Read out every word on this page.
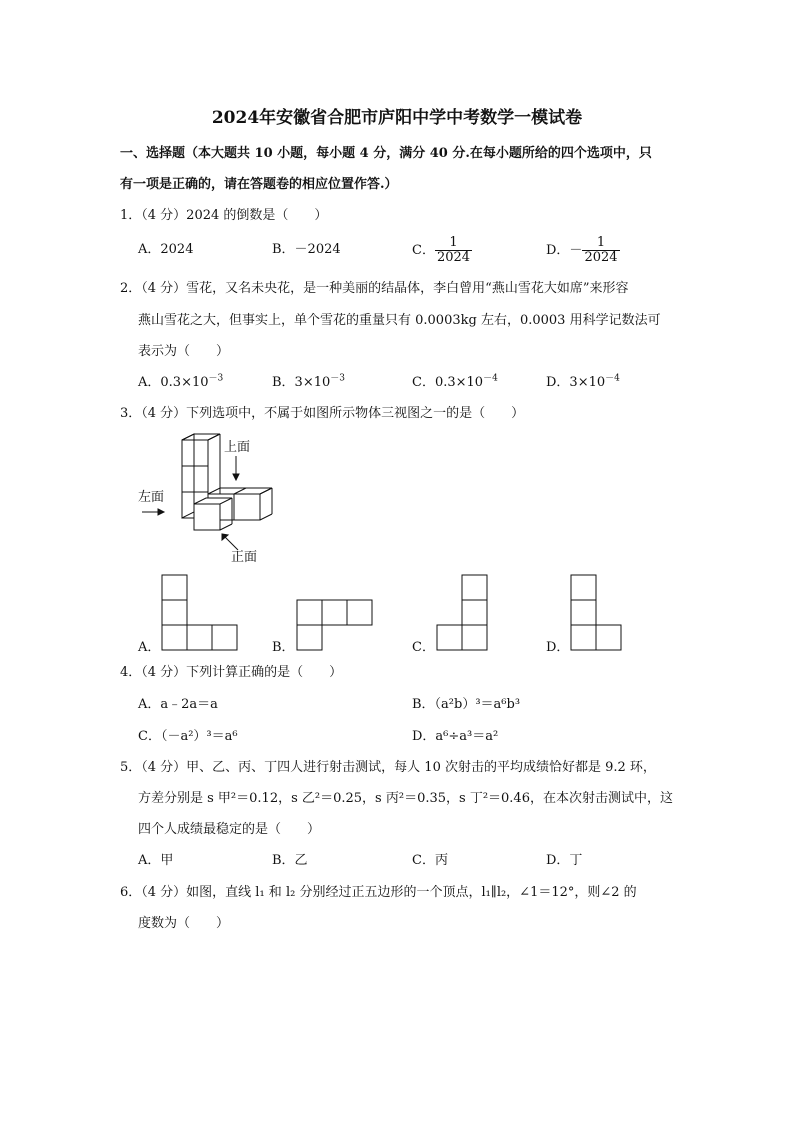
2024年安徽省合肥市庐阳中学中考数学一模试卷
一、选择题（本大题共 10 小题，每小题 4 分，满分 40 分.在每小题所给的四个选项中，只
有一项是正确的，请在答题卷的相应位置作答.）
1．（4 分）2024 的倒数是（　　）
A．2024	B．－2024	C． $\frac{1}{2024}$	D．－ $\frac{1}{2024}$
2．（4 分）雪花，又名未央花，是一种美丽的结晶体，李白曾用“燕山雪花大如席”来形容
燕山雪花之大，但事实上，单个雪花的重量只有 0.0003kg 左右，0.0003 用科学记数法可
表示为（　　）
A．$0.3\times 10^{-3}$	B．$3\times 10^{-3}$	C．$0.3\times 10^{-4}$	D．$3\times 10^{-4}$
3．（4 分）下列选项中，不属于如图所示物体三视图之一的是（　　）
上面
左面
正面
A．	B．	C．	D．
4．（4 分）下列计算正确的是（　　）
A．a﹣2a＝a	B．（a²b）³＝a⁶b³
C．（－a²）³＝a⁶	D．a⁶÷a³＝a²
5．（4 分）甲、乙、丙、丁四人进行射击测试，每人 10 次射击的平均成绩恰好都是 9.2 环，
方差分别是 s 甲²＝0.12，s 乙²＝0.25，s 丙²＝0.35，s 丁²＝0.46，在本次射击测试中，这
四个人成绩最稳定的是（　　）
A．甲	B．乙	C．丙	D．丁
6．（4 分）如图，直线 l₁ 和 l₂ 分别经过正五边形的一个顶点，l₁∥l₂，∠1＝12°，则∠2 的
度数为（　　）
